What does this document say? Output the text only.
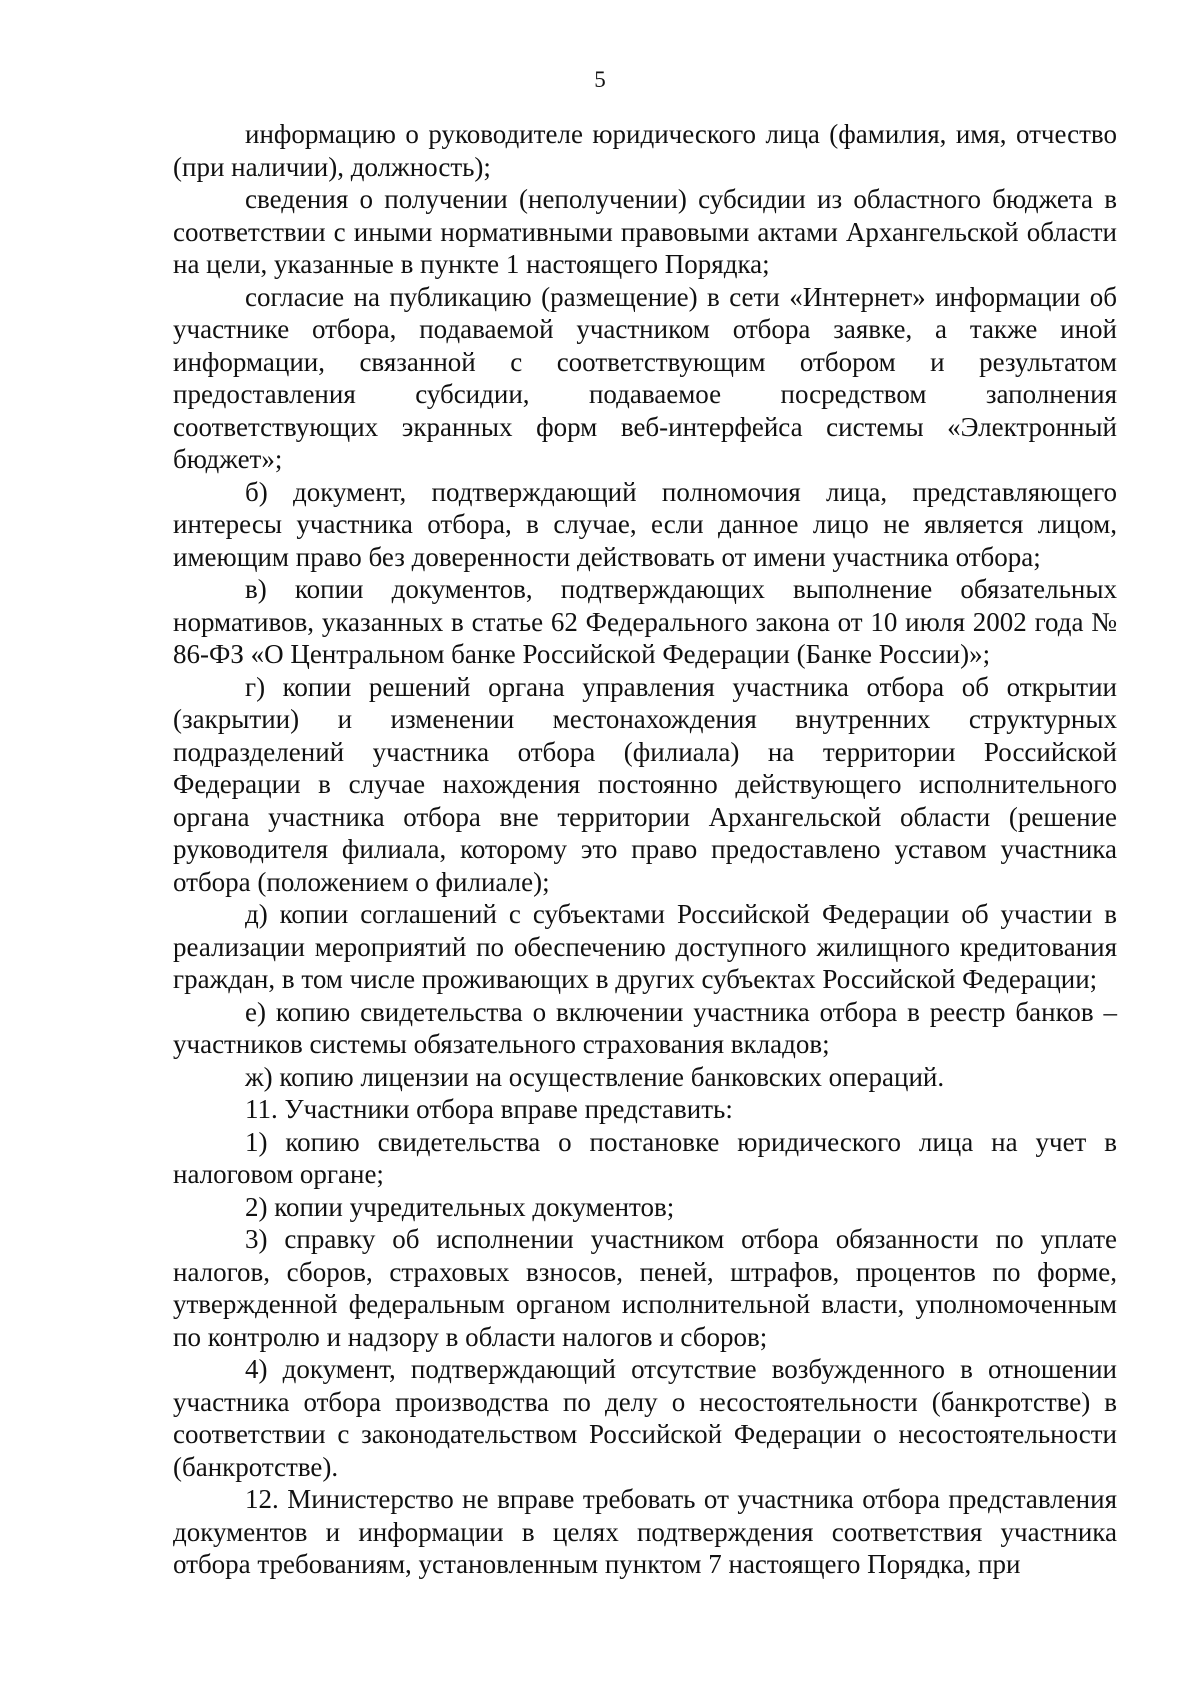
5

информацию о руководителе юридического лица (фамилия, имя, отчество (при наличии), должность);

сведения о получении (неполучении) субсидии из областного бюджета в соответствии с иными нормативными правовыми актами Архангельской области на цели, указанные в пункте 1 настоящего Порядка;

согласие на публикацию (размещение) в сети «Интернет» информации об участнике отбора, подаваемой участником отбора заявке, а также иной информации, связанной с соответствующим отбором и результатом предоставления субсидии, подаваемое посредством заполнения соответствующих экранных форм веб-интерфейса системы «Электронный бюджет»;

б) документ, подтверждающий полномочия лица, представляющего интересы участника отбора, в случае, если данное лицо не является лицом, имеющим право без доверенности действовать от имени участника отбора;

в) копии документов, подтверждающих выполнение обязательных нормативов, указанных в статье 62 Федерального закона от 10 июля 2002 года № 86-ФЗ «О Центральном банке Российской Федерации (Банке России)»;

г) копии решений органа управления участника отбора об открытии (закрытии) и изменении местонахождения внутренних структурных подразделений участника отбора (филиала) на территории Российской Федерации в случае нахождения постоянно действующего исполнительного органа участника отбора вне территории Архангельской области (решение руководителя филиала, которому это право предоставлено уставом участника отбора (положением о филиале);

д) копии соглашений с субъектами Российской Федерации об участии в реализации мероприятий по обеспечению доступного жилищного кредитования граждан, в том числе проживающих в других субъектах Российской Федерации;

е) копию свидетельства о включении участника отбора в реестр банков – участников системы обязательного страхования вкладов;

ж) копию лицензии на осуществление банковских операций.

11. Участники отбора вправе представить:

1) копию свидетельства о постановке юридического лица на учет в налоговом органе;

2) копии учредительных документов;

3) справку об исполнении участником отбора обязанности по уплате налогов, сборов, страховых взносов, пеней, штрафов, процентов по форме, утвержденной федеральным органом исполнительной власти, уполномоченным по контролю и надзору в области налогов и сборов;

4) документ, подтверждающий отсутствие возбужденного в отношении участника отбора производства по делу о несостоятельности (банкротстве) в соответствии с законодательством Российской Федерации о несостоятельности (банкротстве).

12. Министерство не вправе требовать от участника отбора представления документов и информации в целях подтверждения соответствия участника отбора требованиям, установленным пунктом 7 настоящего Порядка, при
